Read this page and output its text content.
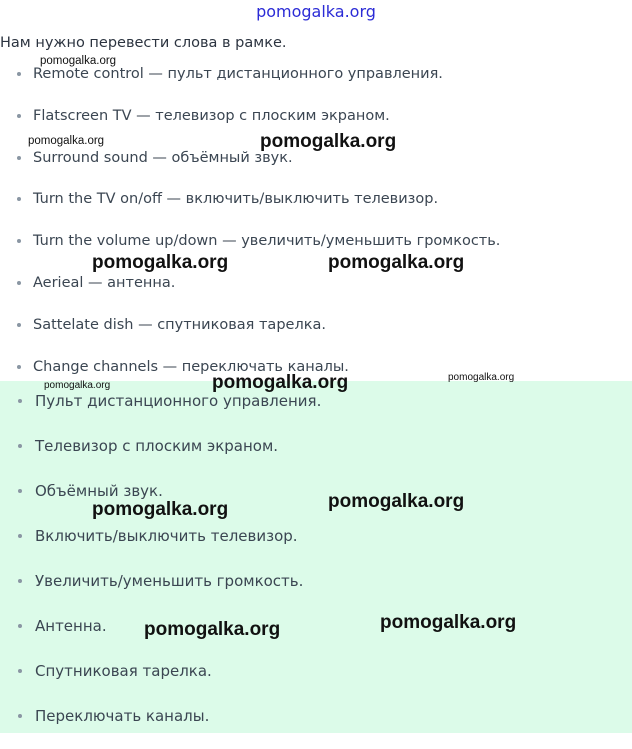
pomogalka.org

Нам нужно перевести слова в рамке.

Remote control — пульт дистанционного управления.
Flatscreen TV — телевизор с плоским экраном.
Surround sound — объёмный звук.
Turn the TV on/off — включить/выключить телевизор.
Turn the volume up/down — увеличить/уменьшить громкость.
Aerieal — антенна.
Sattelate dish — спутниковая тарелка.
Change channels — переключать каналы.
Пульт дистанционного управления.
Телевизор с плоским экраном.
Объёмный звук.
Включить/выключить телевизор.
Увеличить/уменьшить громкость.
Антенна.
Спутниковая тарелка.
Переключать каналы.
pomogalka.org
pomogalka.org	pomogalka.org
pomogalka.org	pomogalka.org
pomogalka.org	pomogalka.org	pomogalka.org
pomogalka.org
pomogalka.org
pomogalka.org
pomogalka.org
